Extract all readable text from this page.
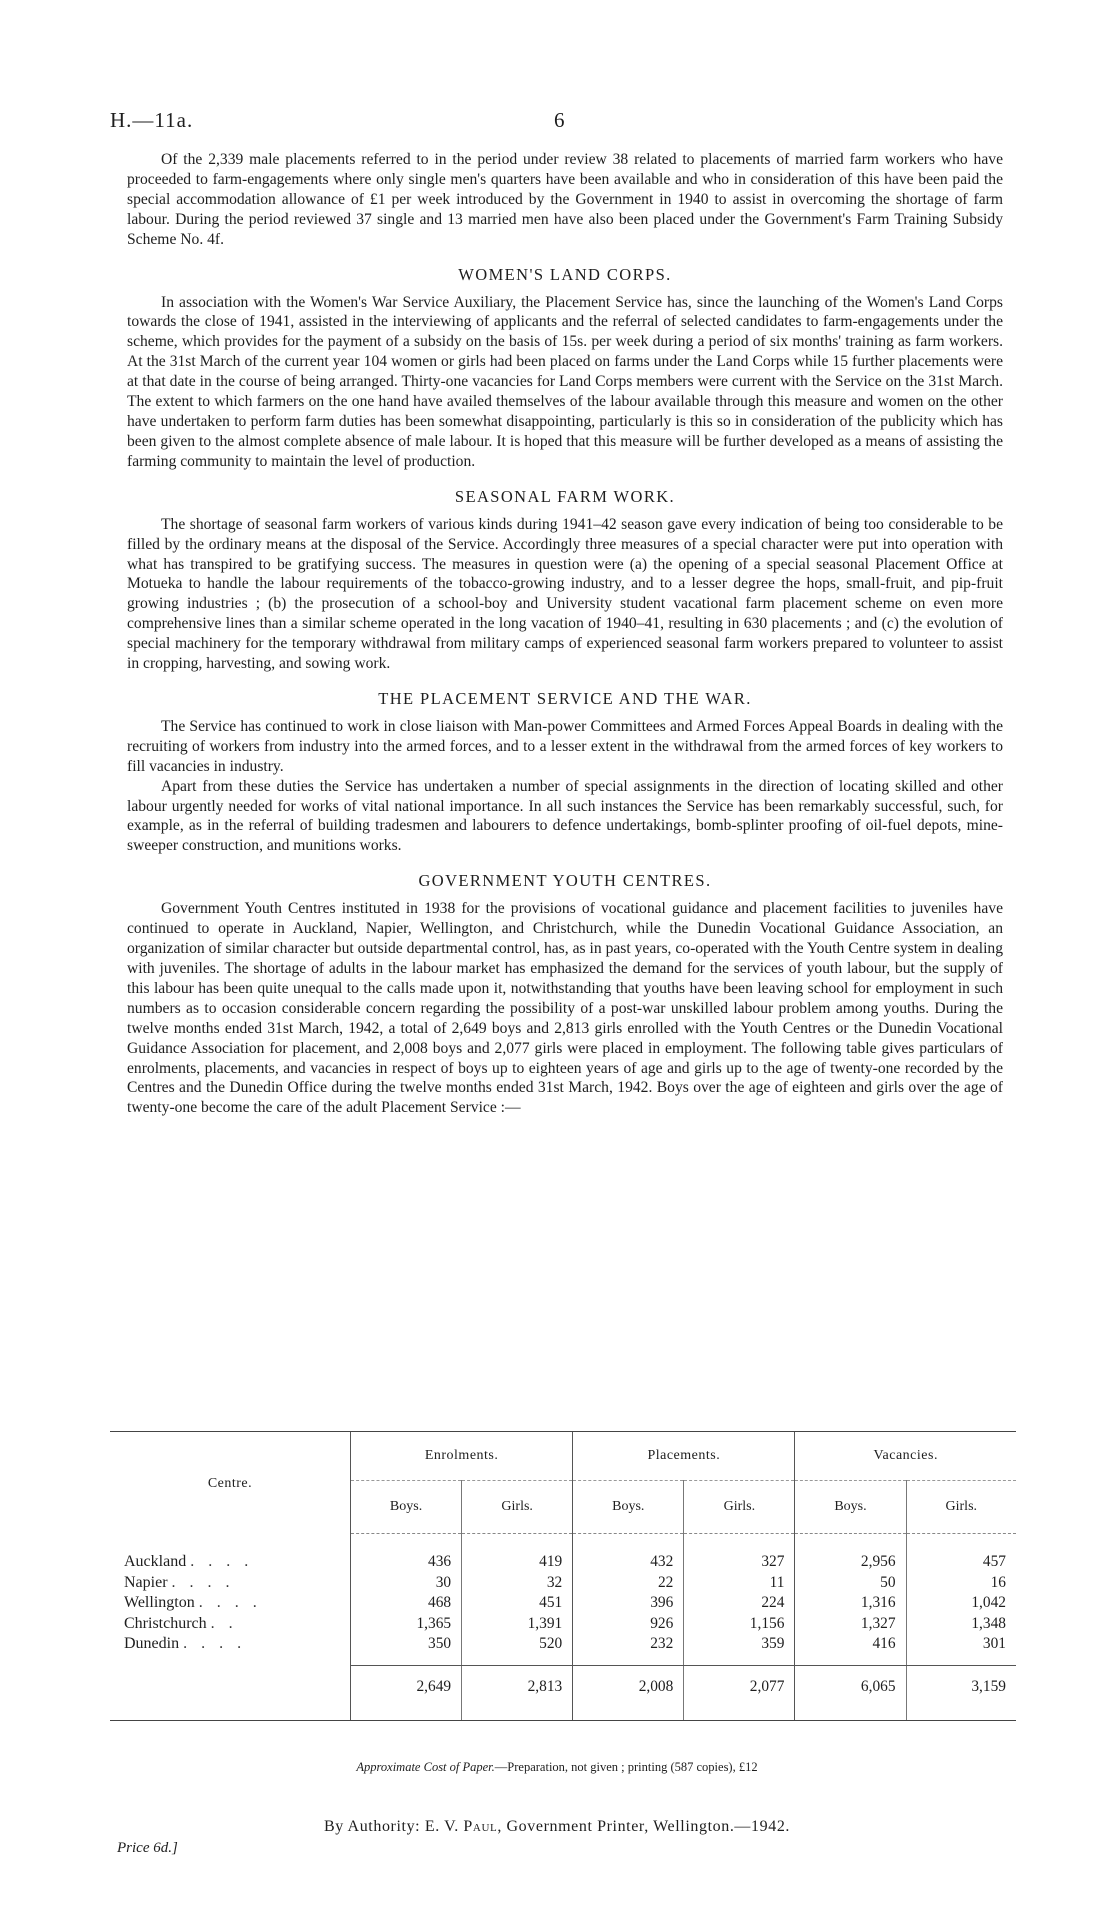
H.—11a.	6

Of the 2,339 male placements referred to in the period under review 38 related to placements of married farm workers who have proceeded to farm-engagements where only single men's quarters have been available and who in consideration of this have been paid the special accommodation allowance of £1 per week introduced by the Government in 1940 to assist in overcoming the shortage of farm labour. During the period reviewed 37 single and 13 married men have also been placed under the Government's Farm Training Subsidy Scheme No. 4f.

WOMEN'S LAND CORPS.

In association with the Women's War Service Auxiliary, the Placement Service has, since the launching of the Women's Land Corps towards the close of 1941, assisted in the interviewing of applicants and the referral of selected candidates to farm-engagements under the scheme, which provides for the payment of a subsidy on the basis of 15s. per week during a period of six months' training as farm workers. At the 31st March of the current year 104 women or girls had been placed on farms under the Land Corps while 15 further placements were at that date in the course of being arranged. Thirty-one vacancies for Land Corps members were current with the Service on the 31st March. The extent to which farmers on the one hand have availed themselves of the labour available through this measure and women on the other have undertaken to perform farm duties has been somewhat disappointing, particularly is this so in consideration of the publicity which has been given to the almost complete absence of male labour. It is hoped that this measure will be further developed as a means of assisting the farming community to maintain the level of production.

SEASONAL FARM WORK.

The shortage of seasonal farm workers of various kinds during 1941–42 season gave every indication of being too considerable to be filled by the ordinary means at the disposal of the Service. Accordingly three measures of a special character were put into operation with what has transpired to be gratifying success. The measures in question were (a) the opening of a special seasonal Placement Office at Motueka to handle the labour requirements of the tobacco-growing industry, and to a lesser degree the hops, small-fruit, and pip-fruit growing industries ; (b) the prosecution of a school-boy and University student vacational farm placement scheme on even more comprehensive lines than a similar scheme operated in the long vacation of 1940–41, resulting in 630 placements ; and (c) the evolution of special machinery for the temporary withdrawal from military camps of experienced seasonal farm workers prepared to volunteer to assist in cropping, harvesting, and sowing work.

THE PLACEMENT SERVICE AND THE WAR.

The Service has continued to work in close liaison with Man-power Committees and Armed Forces Appeal Boards in dealing with the recruiting of workers from industry into the armed forces, and to a lesser extent in the withdrawal from the armed forces of key workers to fill vacancies in industry.

Apart from these duties the Service has undertaken a number of special assignments in the direction of locating skilled and other labour urgently needed for works of vital national importance. In all such instances the Service has been remarkably successful, such, for example, as in the referral of building tradesmen and labourers to defence undertakings, bomb-splinter proofing of oil-fuel depots, mine-sweeper construction, and munitions works.

GOVERNMENT YOUTH CENTRES.

Government Youth Centres instituted in 1938 for the provisions of vocational guidance and placement facilities to juveniles have continued to operate in Auckland, Napier, Wellington, and Christchurch, while the Dunedin Vocational Guidance Association, an organization of similar character but outside departmental control, has, as in past years, co-operated with the Youth Centre system in dealing with juveniles. The shortage of adults in the labour market has emphasized the demand for the services of youth labour, but the supply of this labour has been quite unequal to the calls made upon it, notwithstanding that youths have been leaving school for employment in such numbers as to occasion considerable concern regarding the possibility of a post-war unskilled labour problem among youths. During the twelve months ended 31st March, 1942, a total of 2,649 boys and 2,813 girls enrolled with the Youth Centres or the Dunedin Vocational Guidance Association for placement, and 2,008 boys and 2,077 girls were placed in employment. The following table gives particulars of enrolments, placements, and vacancies in respect of boys up to eighteen years of age and girls up to the age of twenty-one recorded by the Centres and the Dunedin Office during the twelve months ended 31st March, 1942. Boys over the age of eighteen and girls over the age of twenty-one become the care of the adult Placement Service :—

Centre.	Enrolments.		Placements.		Vacancies.	
	Boys.	Girls.	Boys.	Girls.	Boys.	Girls.

Auckland . . . .	436	419	432	327	2,956	457
Napier . . . .	30	32	22	11	50	16
Wellington . . . .	468	451	396	224	1,316	1,042
Christchurch . .	1,365	1,391	926	1,156	1,327	1,348
Dunedin . . . .	350	520	232	359	416	301

	2,649	2,813	2,008	2,077	6,065	3,159

Approximate Cost of Paper.—Preparation, not given ; printing (587 copies), £12
By Authority: E. V. Paul, Government Printer, Wellington.—1942.
Price 6d.]
